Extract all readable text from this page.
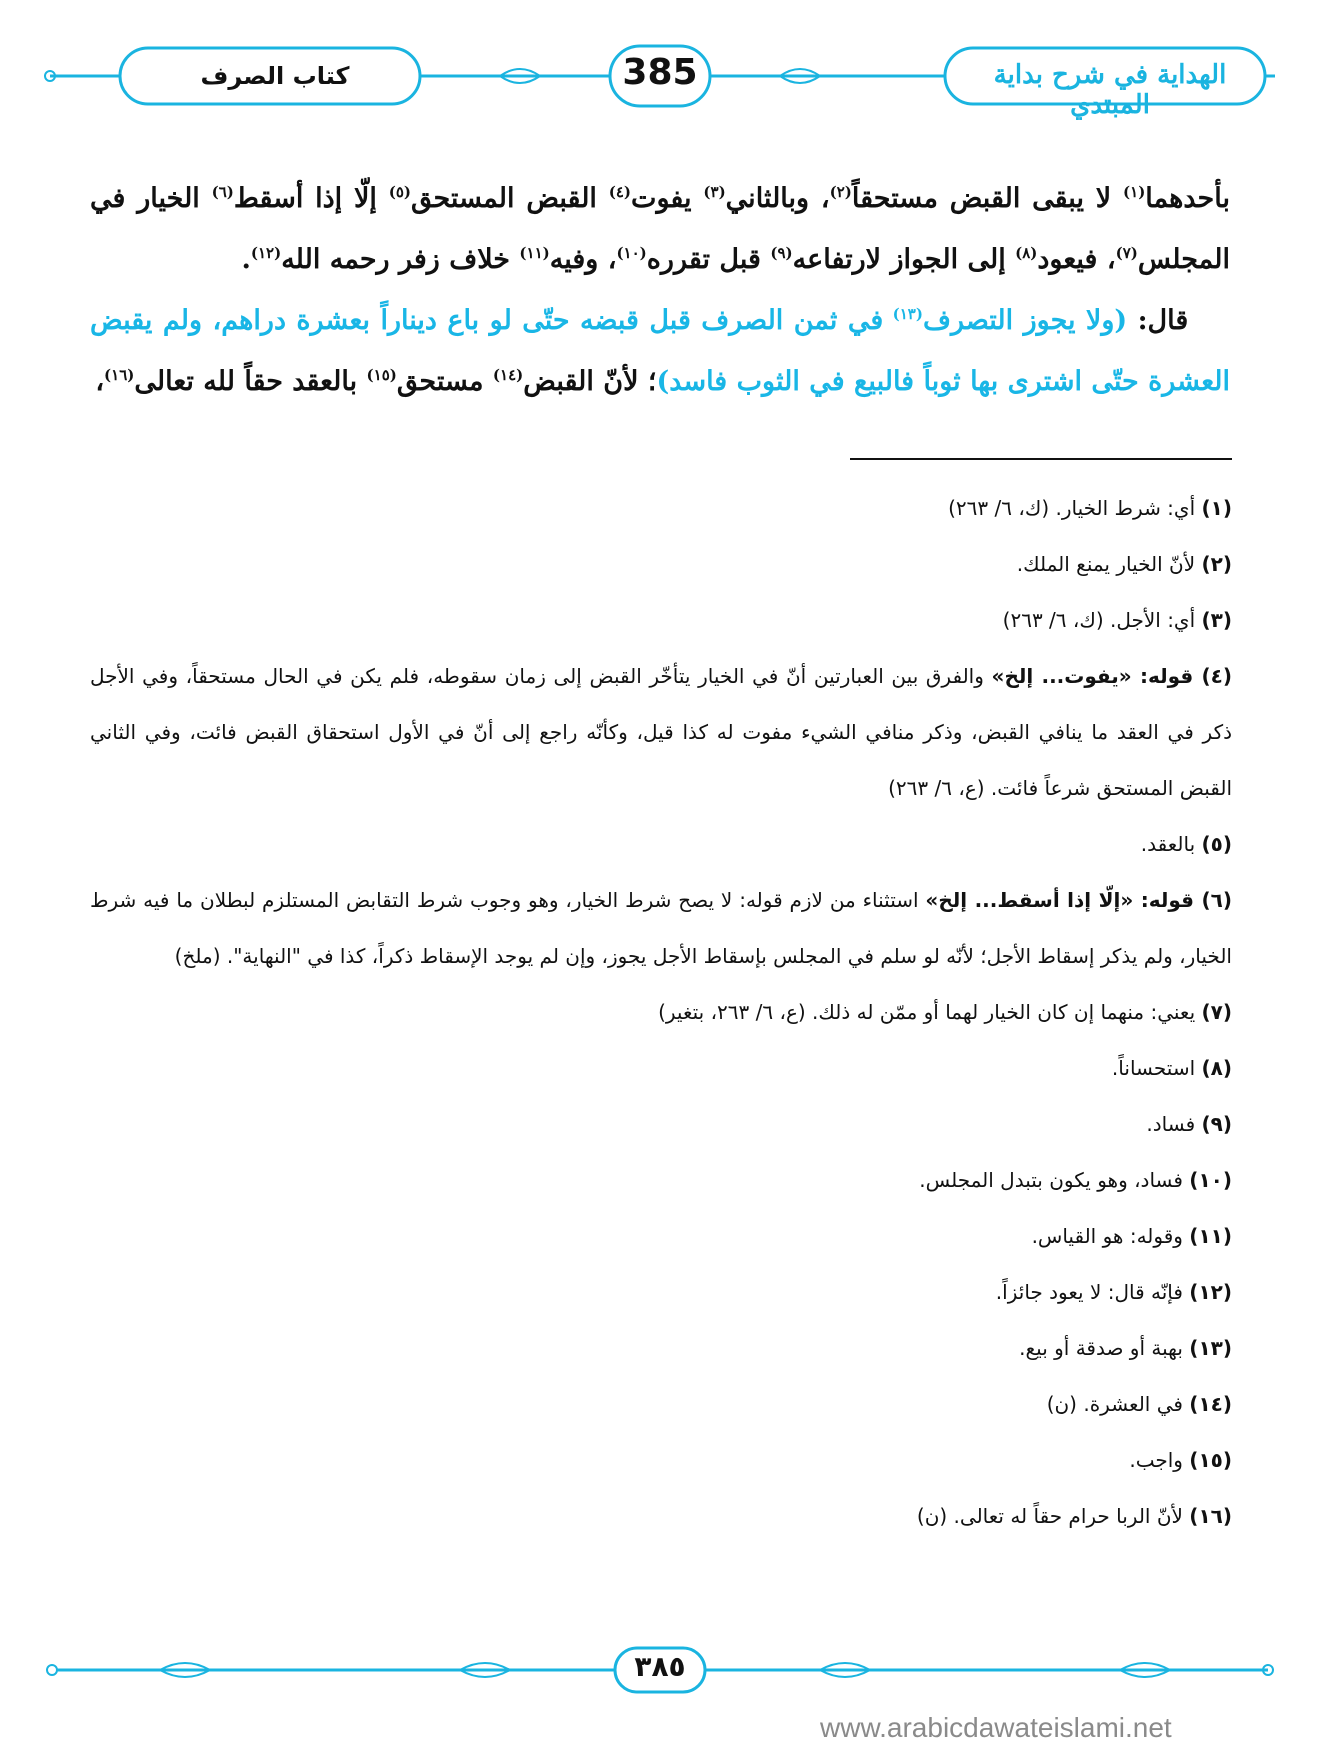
كتاب الصرف	385	الهداية في شرح بداية المبتدي

بأحدهما$^{(١)}$ لا يبقى القبض مستحقاً$^{(٢)}$، وبالثاني$^{(٣)}$ يفوت$^{(٤)}$ القبض المستحق$^{(٥)}$ إلّا إذا أسقط$^{(٦)}$ الخيار في المجلس$^{(٧)}$، فيعود$^{(٨)}$ إلى الجواز لارتفاعه$^{(٩)}$ قبل تقرره$^{(١٠)}$، وفيه$^{(١١)}$ خلاف زفر رحمه الله$^{(١٢)}$.

قال: (ولا يجوز التصرف$^{(١٣)}$ في ثمن الصرف قبل قبضه حتّى لو باع ديناراً بعشرة دراهم، ولم يقبض العشرة حتّى اشترى بها ثوباً فالبيع في الثوب فاسد)؛ لأنّ القبض$^{(١٤)}$ مستحق$^{(١٥)}$ بالعقد حقاً لله تعالى$^{(١٦)}$،

(١) أي: شرط الخيار. (ك، ٦/ ٢٦٣)

(٢) لأنّ الخيار يمنع الملك.

(٣) أي: الأجل. (ك، ٦/ ٢٦٣)

(٤) قوله: «يفوت... إلخ» والفرق بين العبارتين أنّ في الخيار يتأخّر القبض إلى زمان سقوطه، فلم يكن في الحال مستحقاً، وفي الأجل ذكر في العقد ما ينافي القبض، وذكر منافي الشيء مفوت له كذا قيل، وكأنّه راجع إلى أنّ في الأول استحقاق القبض فائت، وفي الثاني القبض المستحق شرعاً فائت. (ع، ٦/ ٢٦٣)

(٥) بالعقد.

(٦) قوله: «إلّا إذا أسقط... إلخ» استثناء من لازم قوله: لا يصح شرط الخيار، وهو وجوب شرط التقابض المستلزم لبطلان ما فيه شرط الخيار، ولم يذكر إسقاط الأجل؛ لأنّه لو سلم في المجلس بإسقاط الأجل يجوز، وإن لم يوجد الإسقاط ذكراً، كذا في "النهاية". (ملخ)

(٧) يعني: منهما إن كان الخيار لهما أو ممّن له ذلك. (ع، ٦/ ٢٦٣، بتغير)

(٨) استحساناً.

(٩) فساد.

(١٠) فساد، وهو يكون بتبدل المجلس.

(١١) وقوله: هو القياس.

(١٢) فإنّه قال: لا يعود جائزاً.

(١٣) بهبة أو صدقة أو بيع.

(١٤) في العشرة. (ن)

(١٥) واجب.

(١٦) لأنّ الربا حرام حقاً له تعالى. (ن)

٣٨٥
www.arabicdawateislami.net
